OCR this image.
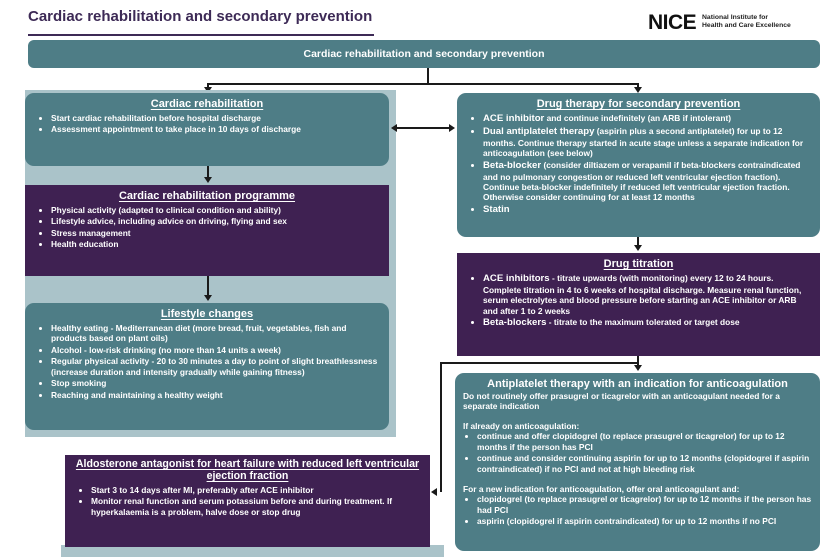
Cardiac rehabilitation and secondary prevention	NICE National Institute for
Health and Care Excellence
Cardiac rehabilitation and secondary prevention
Cardiac rehabilitation
• Start cardiac rehabilitation before hospital discharge
• Assessment appointment to take place in 10 days of discharge
Cardiac rehabilitation programme
• Physical activity (adapted to clinical condition and ability)
• Lifestyle advice, including advice on driving, flying and sex
• Stress management
• Health education
Lifestyle changes
• Healthy eating - Mediterranean diet (more bread, fruit, vegetables, fish and products based on plant oils)
• Alcohol - low-risk drinking (no more than 14 units a week)
• Regular physical activity - 20 to 30 minutes a day to point of slight breathlessness (increase duration and intensity gradually while gaining fitness)
• Stop smoking
• Reaching and maintaining a healthy weight
Drug therapy for secondary prevention
• ACE inhibitor and continue indefinitely (an ARB if intolerant)
• Dual antiplatelet therapy (aspirin plus a second antiplatelet) for up to 12 months. Continue therapy started in acute stage unless a separate indication for anticoagulation (see below)
• Beta-blocker (consider diltiazem or verapamil if beta-blockers contraindicated and no pulmonary congestion or reduced left ventricular ejection fraction). Continue beta-blocker indefinitely if reduced left ventricular ejection fraction. Otherwise consider continuing for at least 12 months
• Statin
Drug titration
• ACE inhibitors - titrate upwards (with monitoring) every 12 to 24 hours. Complete titration in 4 to 6 weeks of hospital discharge. Measure renal function, serum electrolytes and blood pressure before starting an ACE inhibitor or ARB and after 1 to 2 weeks
• Beta-blockers - titrate to the maximum tolerated or target dose
Antiplatelet therapy with an indication for anticoagulation

Do not routinely offer prasugrel or ticagrelor with an anticoagulant needed for a separate indication

If already on anticoagulation:

• continue and offer clopidogrel (to replace prasugrel or ticagrelor) for up to 12 months if the person has PCI
• continue and consider continuing aspirin for up to 12 months (clopidogrel if aspirin contraindicated) if no PCI and not at high bleeding risk

For a new indication for anticoagulation, offer oral anticoagulant and:

• clopidogrel (to replace prasugrel or ticagrelor) for up to 12 months if the person has had PCI
• aspirin (clopidogrel if aspirin contraindicated) for up to 12 months if no PCI
Aldosterone antagonist for heart failure with reduced left ventricular ejection fraction
• Start 3 to 14 days after MI, preferably after ACE inhibitor
• Monitor renal function and serum potassium before and during treatment. If hyperkalaemia is a problem, halve dose or stop drug
